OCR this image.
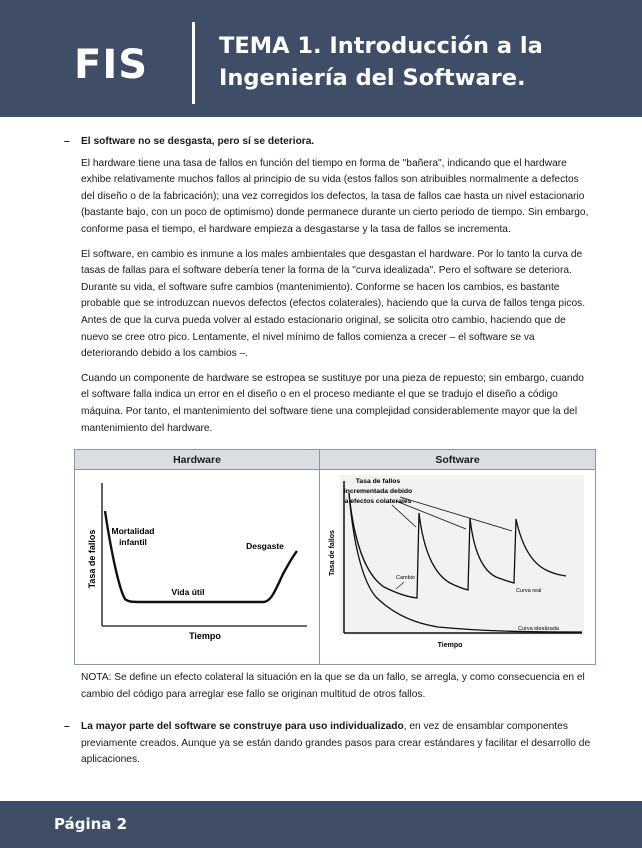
FIS	TEMA 1. Introducción a la
Ingeniería del Software.
– El software no se desgasta, pero sí se deteriora.

El hardware tiene una tasa de fallos en función del tiempo en forma de "bañera", indicando que el hardware exhibe relativamente muchos fallos al principio de su vida (estos fallos son atribuibles normalmente a defectos del diseño o de la fabricación); una vez corregidos los defectos, la tasa de fallos cae hasta un nivel estacionario (bastante bajo, con un poco de optimismo) donde permanece durante un cierto periodo de tiempo. Sin embargo, conforme pasa el tiempo, el hardware empieza a desgastarse y la tasa de fallos se incrementa.

El software, en cambio es inmune a los males ambientales que desgastan el hardware. Por lo tanto la curva de tasas de fallas para el software debería tener la forma de la "curva idealizada". Pero el software se deteriora. Durante su vida, el software sufre cambios (mantenimiento). Conforme se hacen los cambios, es bastante probable que se introduzcan nuevos defectos (efectos colaterales), haciendo que la curva de fallos tenga picos. Antes de que la curva pueda volver al estado estacionario original, se solicita otro cambio, haciendo que de nuevo se cree otro pico. Lentamente, el nivel mínimo de fallos comienza a crecer – el software se va deteriorando debido a los cambios –.

Cuando un componente de hardware se estropea se sustituye por una pieza de repuesto; sin embargo, cuando el software falla indica un error en el diseño o en el proceso mediante el que se tradujo el diseño a código máquina. Por tanto, el mantenimiento del software tiene una complejidad considerablemente mayor que la del mantenimiento del hardware.

Hardware	Software
Tasa de fallos
Tiempo
Mortalidad
infantil
Vida útil
Desgaste	Tasa de fallos
Tiempo
Tasa de fallos
incrementada debido
a efectos colaterales
Cambio
Curva real
Curva idealizada

NOTA: Se define un efecto colateral la situación en la que se da un fallo, se arregla, y como consecuencia en el cambio del código para arreglar ese fallo se originan multitud de otros fallos.

– La mayor parte del software se construye para uso individualizado, en vez de ensamblar componentes previamente creados. Aunque ya se están dando grandes pasos para crear estándares y facilitar el desarrollo de aplicaciones.
Página 2
